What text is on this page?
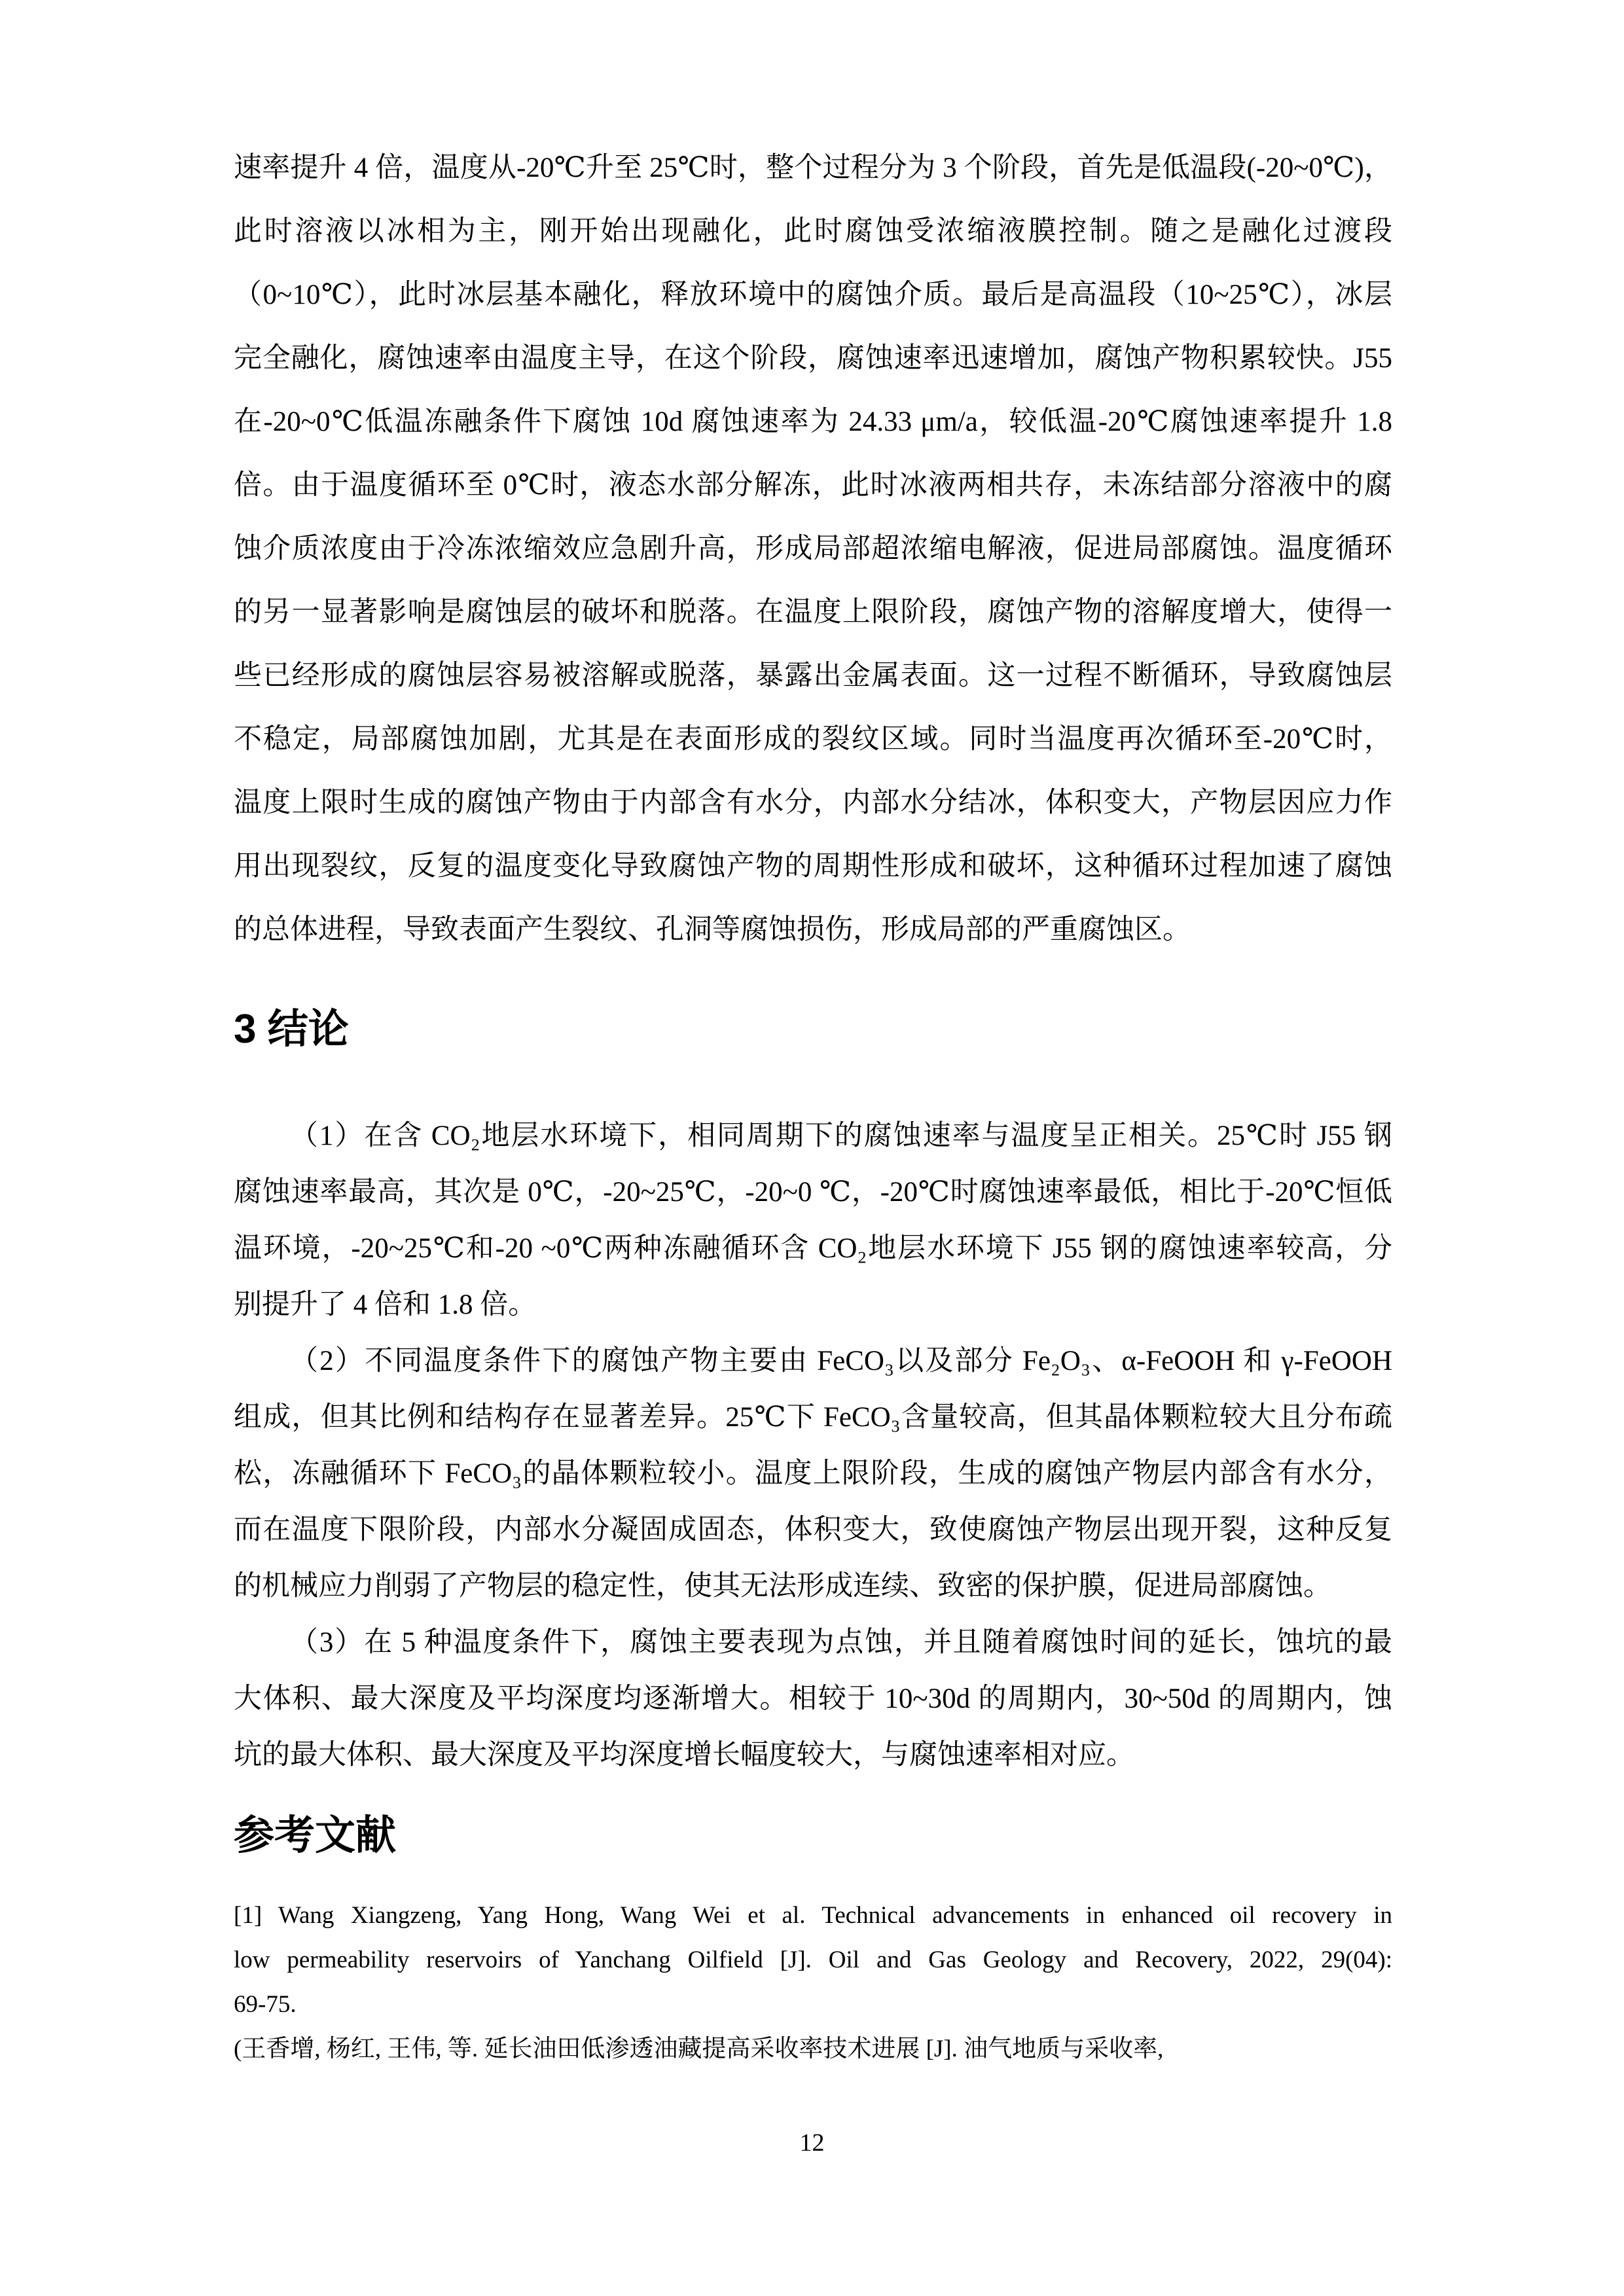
速率提升 4 倍，温度从-20℃升至 25℃时，整个过程分为 3 个阶段，首先是低温段(-20~0℃)，
此时溶液以冰相为主，刚开始出现融化，此时腐蚀受浓缩液膜控制。随之是融化过渡段
（0~10℃），此时冰层基本融化，释放环境中的腐蚀介质。最后是高温段（10~25℃），冰层
完全融化，腐蚀速率由温度主导，在这个阶段，腐蚀速率迅速增加，腐蚀产物积累较快。J55
在-20~0℃低温冻融条件下腐蚀 10d 腐蚀速率为 24.33 μm/a，较低温-20℃腐蚀速率提升 1.8
倍。由于温度循环至 0℃时，液态水部分解冻，此时冰液两相共存，未冻结部分溶液中的腐
蚀介质浓度由于冷冻浓缩效应急剧升高，形成局部超浓缩电解液，促进局部腐蚀。温度循环
的另一显著影响是腐蚀层的破坏和脱落。在温度上限阶段，腐蚀产物的溶解度增大，使得一
些已经形成的腐蚀层容易被溶解或脱落，暴露出金属表面。这一过程不断循环，导致腐蚀层
不稳定，局部腐蚀加剧，尤其是在表面形成的裂纹区域。同时当温度再次循环至-20℃时，
温度上限时生成的腐蚀产物由于内部含有水分，内部水分结冰，体积变大，产物层因应力作
用出现裂纹，反复的温度变化导致腐蚀产物的周期性形成和破坏，这种循环过程加速了腐蚀
的总体进程，导致表面产生裂纹、孔洞等腐蚀损伤，形成局部的严重腐蚀区。
3 结论
（1）在含 CO₂地层水环境下，相同周期下的腐蚀速率与温度呈正相关。25℃时 J55 钢
腐蚀速率最高，其次是 0℃，-20~25℃，-20~0 ℃，-20℃时腐蚀速率最低，相比于-20℃恒低
温环境，-20~25℃和-20 ~0℃两种冻融循环含 CO₂地层水环境下 J55 钢的腐蚀速率较高，分
别提升了 4 倍和 1.8 倍。
（2）不同温度条件下的腐蚀产物主要由 FeCO₃以及部分 Fe₂O₃、α-FeOOH 和 γ-FeOOH
组成，但其比例和结构存在显著差异。25℃下 FeCO₃含量较高，但其晶体颗粒较大且分布疏
松，冻融循环下 FeCO₃的晶体颗粒较小。温度上限阶段，生成的腐蚀产物层内部含有水分，
而在温度下限阶段，内部水分凝固成固态，体积变大，致使腐蚀产物层出现开裂，这种反复
的机械应力削弱了产物层的稳定性，使其无法形成连续、致密的保护膜，促进局部腐蚀。
（3）在 5 种温度条件下，腐蚀主要表现为点蚀，并且随着腐蚀时间的延长，蚀坑的最
大体积、最大深度及平均深度均逐渐增大。相较于 10~30d 的周期内，30~50d 的周期内，蚀
坑的最大体积、最大深度及平均深度增长幅度较大，与腐蚀速率相对应。
参考文献
[1] Wang Xiangzeng, Yang Hong, Wang Wei et al. Technical advancements in enhanced oil recovery in
low permeability reservoirs of Yanchang Oilfield [J]. Oil and Gas Geology and Recovery, 2022, 29(04):
69-75.
(王香增, 杨红, 王伟, 等. 延长油田低渗透油藏提高采收率技术进展 [J]. 油气地质与采收率,
12
